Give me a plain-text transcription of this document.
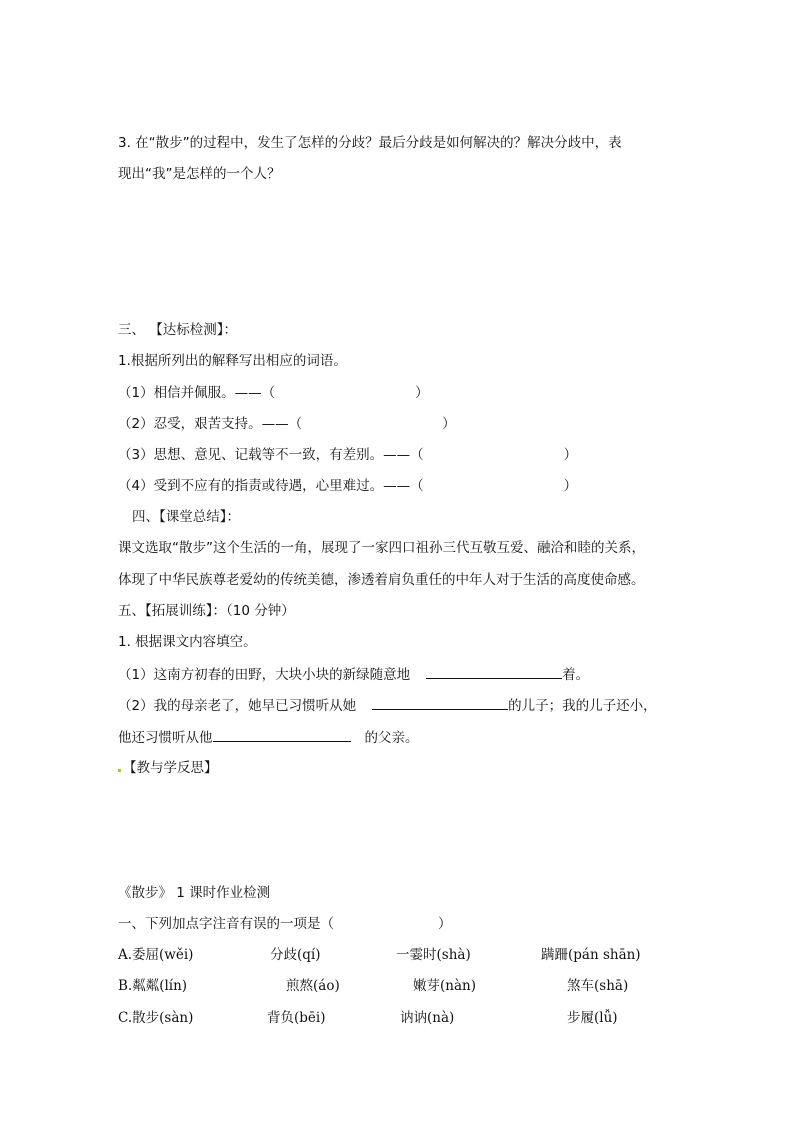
3. 在“散步”的过程中，发生了怎样的分歧？最后分歧是如何解决的？解决分歧中，表
现出“我”是怎样的一个人？
三、 【达标检测】：
1.根据所列出的解释写出相应的词语。
（1）相信并佩服。——（	）
（2）忍受，艰苦支持。——（	）
（3）思想、意见、记载等不一致，有差别。——（	）
（4）受到不应有的指责或待遇，心里难过。——（	）
四、【课堂总结】：
课文选取“散步”这个生活的一角，展现了一家四口祖孙三代互敬互爱、融洽和睦的关系，
体现了中华民族尊老爱幼的传统美德，渗透着肩负重任的中年人对于生活的高度使命感。
五、【拓展训练】：（10 分钟）
1. 根据课文内容填空。
（1）这南方初春的田野，大块小块的新绿随意地	着。
（2）我的母亲老了，她早已习惯听从她	的儿子；我的儿子还小，
他还习惯听从他	的父亲。
【教与学反思】
《散步》 1 课时作业检测
一、下列加点字注音有误的一项是（	）
A.委屈(wěi)	分歧(qí)	一霎时(shà)	蹒跚(pán shān)
B.粼粼(lín)	煎熬(áo)	嫩芽(nàn)	煞车(shā)
C.散步(sàn)	背负(bēi)	讷讷(nà)	步履(lǚ)
